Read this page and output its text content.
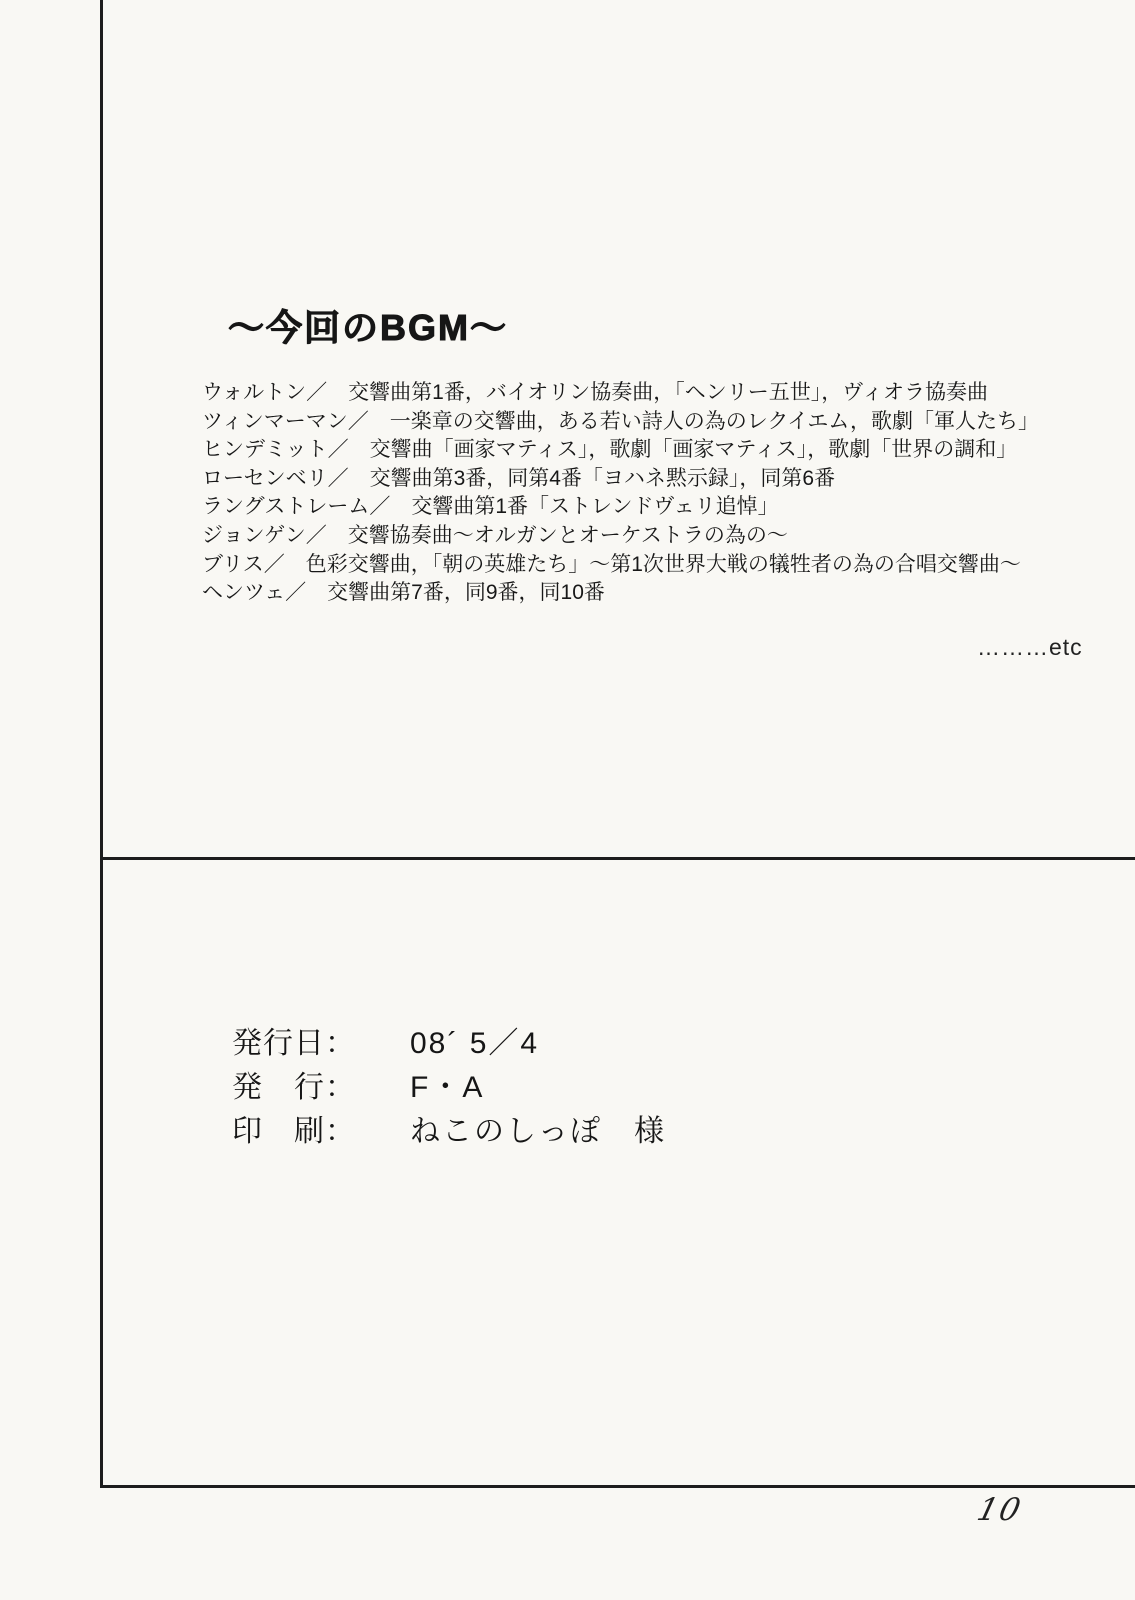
～今回のBGM～
ウォルトン／　交響曲第1番，バイオリン協奏曲，「ヘンリー五世」，ヴィオラ協奏曲
ツィンマーマン／　一楽章の交響曲，ある若い詩人の為のレクイエム，歌劇「軍人たち」
ヒンデミット／　交響曲「画家マティス」，歌劇「画家マティス」，歌劇「世界の調和」
ローセンベリ／　交響曲第3番，同第4番「ヨハネ黙示録」，同第6番
ラングストレーム／　交響曲第1番「ストレンドヴェリ追悼」
ジョンゲン／　交響協奏曲～オルガンとオーケストラの為の～
ブリス／　色彩交響曲，「朝の英雄たち」～第1次世界大戦の犠牲者の為の合唱交響曲～
ヘンツェ／　交響曲第7番，同9番，同10番
………etc
発行日： 08´ 5／4
発　行： F・A
印　刷： ねこのしっぽ　様
10
